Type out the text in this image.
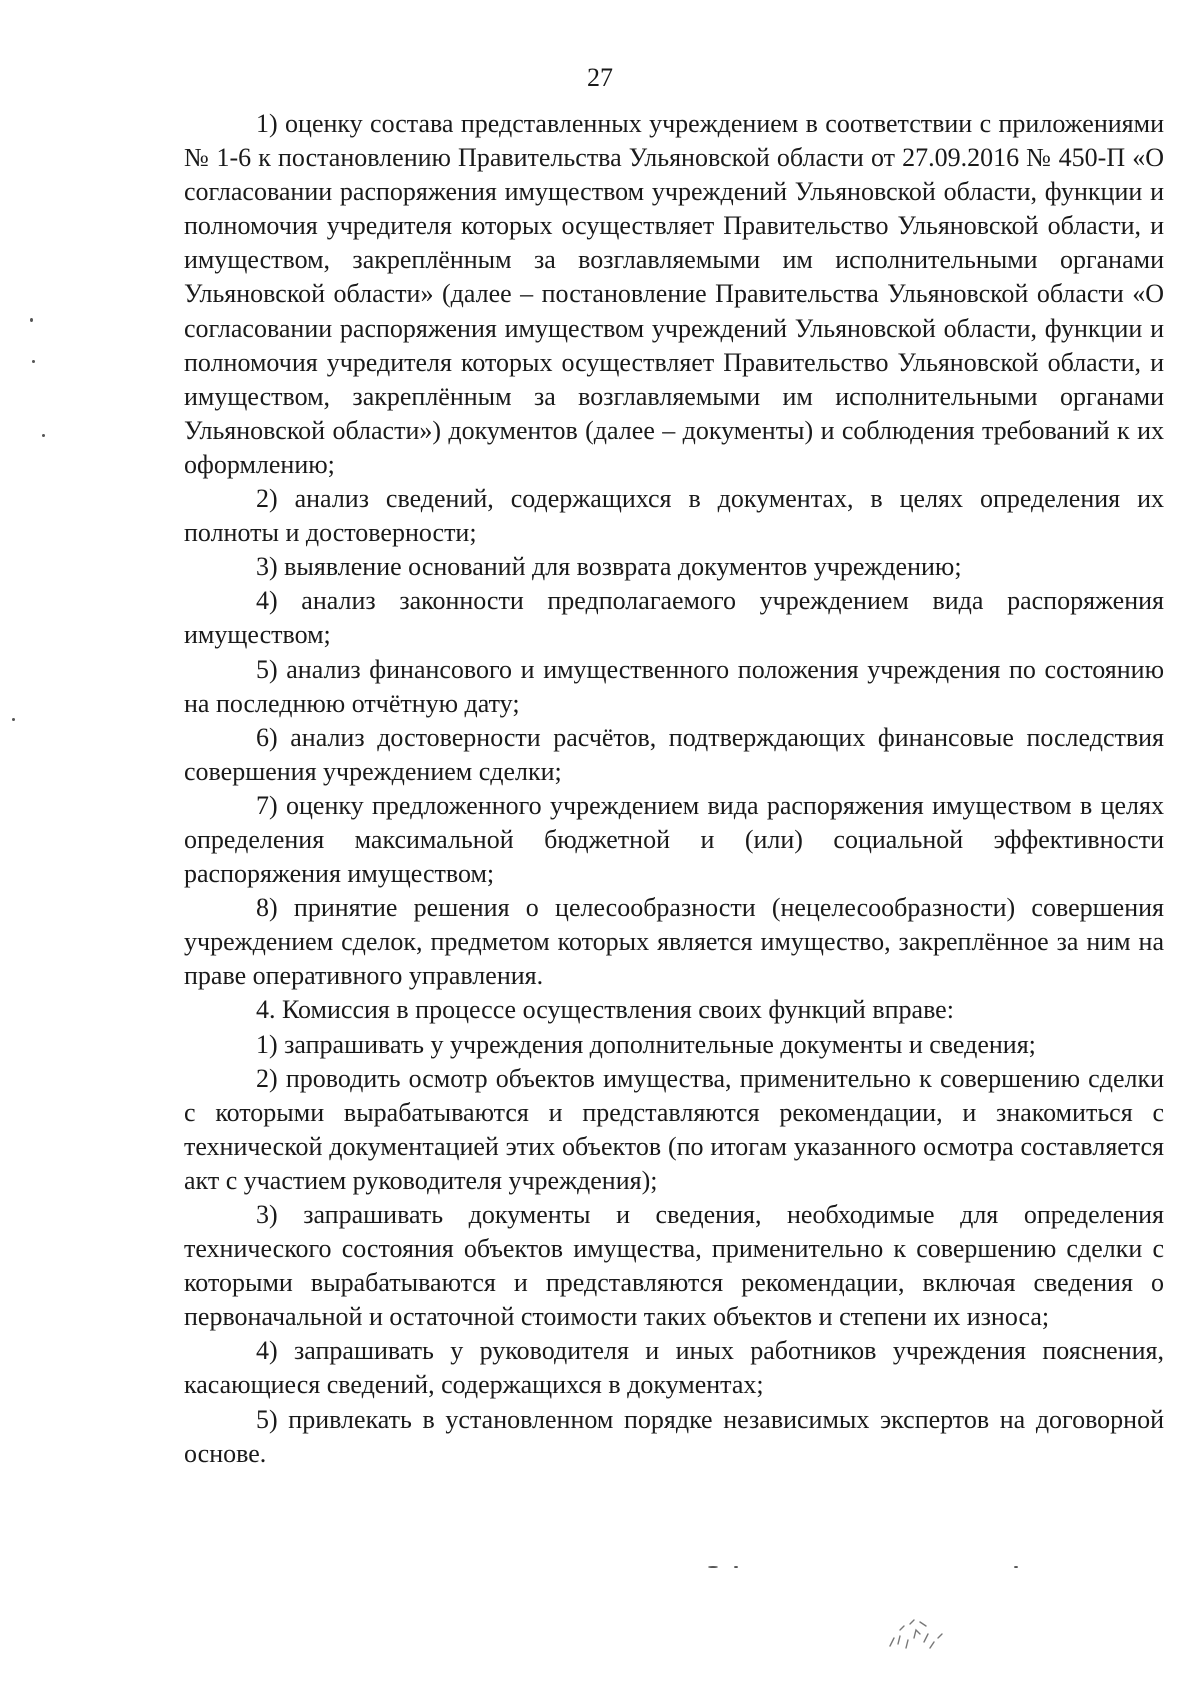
27

1) оценку состава представленных учреждением в соответствии с приложениями № 1-6 к постановлению Правительства Ульяновской области от 27.09.2016 № 450-П «О согласовании распоряжения имуществом учреждений Ульяновской области, функции и полномочия учредителя которых осуществляет Правительство Ульяновской области, и имуществом, закреплённым за возглавляемыми им исполнительными органами Ульяновской области» (далее – постановление Правительства Ульяновской области «О согласовании распоряжения имуществом учреждений Ульяновской области, функции и полномочия учредителя которых осуществляет Правительство Ульяновской области, и имуществом, закреплённым за возглавляемыми им исполнительными органами Ульяновской области») документов (далее – документы) и соблюдения требований к их оформлению;

2) анализ сведений, содержащихся в документах, в целях определения их полноты и достоверности;

3) выявление оснований для возврата документов учреждению;

4) анализ законности предполагаемого учреждением вида распоряжения имуществом;

5) анализ финансового и имущественного положения учреждения по состоянию на последнюю отчётную дату;

6) анализ достоверности расчётов, подтверждающих финансовые последствия совершения учреждением сделки;

7) оценку предложенного учреждением вида распоряжения имуществом в целях определения максимальной бюджетной и (или) социальной эффективности распоряжения имуществом;

8) принятие решения о целесообразности (нецелесообразности) совершения учреждением сделок, предметом которых является имущество, закреплённое за ним на праве оперативного управления.

4. Комиссия в процессе осуществления своих функций вправе:

1) запрашивать у учреждения дополнительные документы и сведения;

2) проводить осмотр объектов имущества, применительно к совершению сделки с которыми вырабатываются и представляются рекомендации, и знакомиться с технической документацией этих объектов (по итогам указанного осмотра составляется акт с участием руководителя учреждения);

3) запрашивать документы и сведения, необходимые для определения технического состояния объектов имущества, применительно к совершению сделки с которыми вырабатываются и представляются рекомендации, включая сведения о первоначальной и остаточной стоимости таких объектов и степени их износа;

4) запрашивать у руководителя и иных работников учреждения пояснения, касающиеся сведений, содержащихся в документах;

5) привлекать в установленном порядке независимых экспертов на договорной основе.
